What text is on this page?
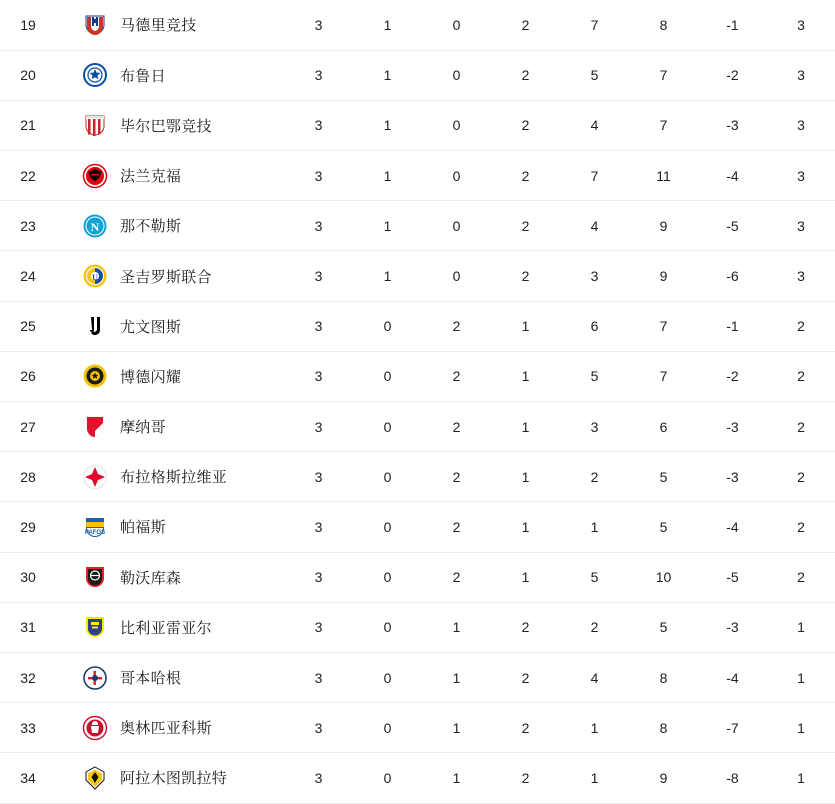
19	马德里竞技	3	1	0	2	7	8	-1	3
20	布鲁日	3	1	0	2	5	7	-2	3
21	毕尔巴鄂竞技	3	1	0	2	4	7	-3	3
22	法兰克福	3	1	0	2	7	11	-4	3
23	N 那不勒斯	3	1	0	2	4	9	-5	3
24	U 圣吉罗斯联合	3	1	0	2	3	9	-6	3
25	尤文图斯	3	0	2	1	6	7	-1	2
26	博德闪耀	3	0	2	1	5	7	-2	2
27	摩纳哥	3	0	2	1	3	6	-3	2
28	布拉格斯拉维亚	3	0	2	1	2	5	-3	2
29	PAFOS 帕福斯	3	0	2	1	1	5	-4	2
30	勒沃库森	3	0	2	1	5	10	-5	2
31	比利亚雷亚尔	3	0	1	2	2	5	-3	1
32	哥本哈根	3	0	1	2	4	8	-4	1
33	奥林匹亚科斯	3	0	1	2	1	8	-7	1
34	阿拉木图凯拉特	3	0	1	2	1	9	-8	1
